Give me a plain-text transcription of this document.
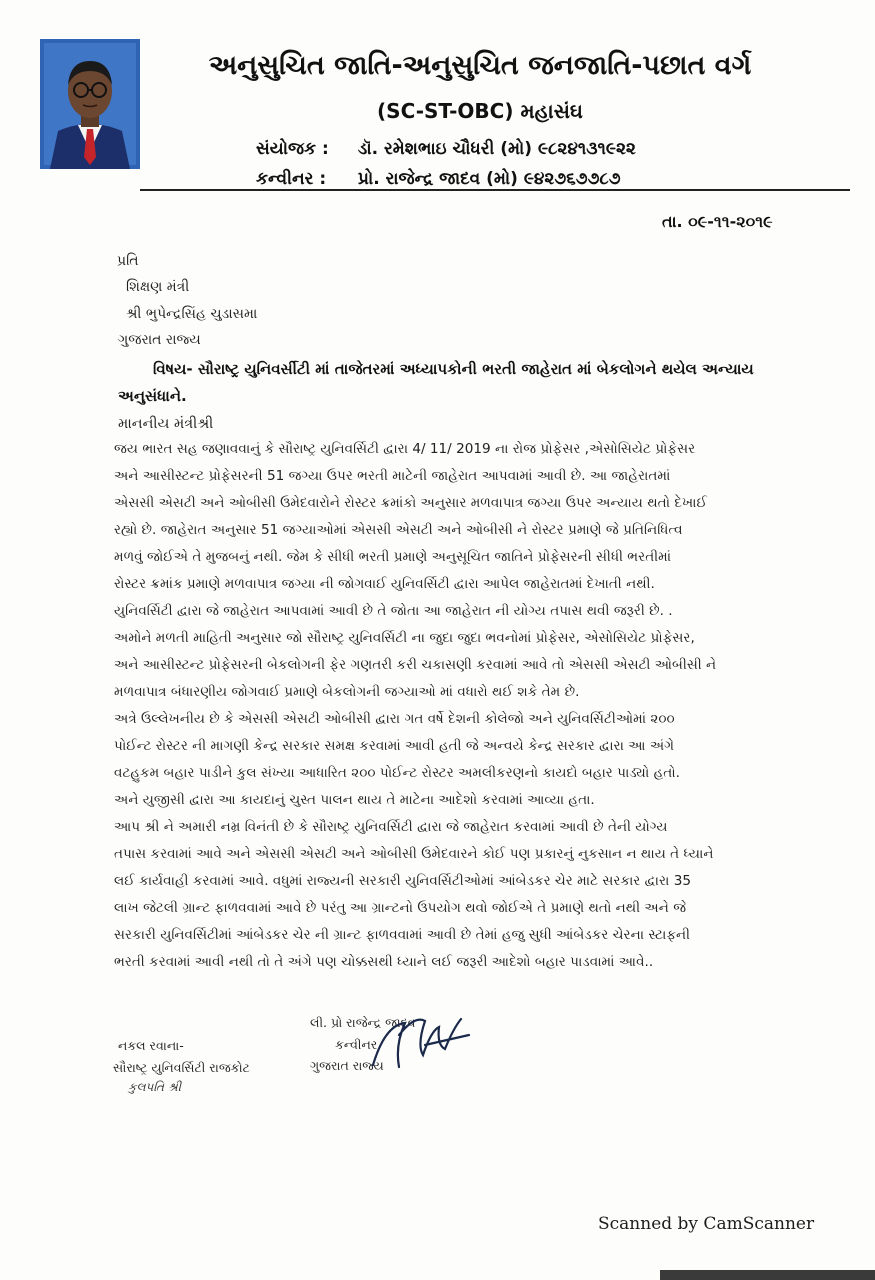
અનુસુચિત જાતિ-અનુસુચિત જનજાતિ-પછાત વર્ગ
(SC-ST-OBC) મહાસંઘ
સંયોજક : ડૉ. રમેશભાઇ ચૌધરી (મો) ૯૮૨૪૧૩૧૯૨૨
કન્વીનર : પ્રો. રાજેન્દ્ર જાદવ (મો) ૯૪૨૭૬૭૭૮૭
તા. ૦૯-૧૧-૨૦૧૯
પ્રતિ
શિક્ષણ મંત્રી
શ્રી ભુપેન્દ્રસિંહ ચુડાસમા
ગુજરાત રાજ્ય
વિષય- સૌરાષ્ટ્ર યુનિવર્સીટી માં તાજેતરમાં અધ્યાપકોની ભરતી જાહેરાત માં બેકલોગને થયેલ અન્યાય
અનુસંધાને.
માનનીય મંત્રીશ્રી
જય ભારત સહ જણાવવાનું કે સૌરાષ્ટ્ર યુનિવર્સિટી દ્વારા 4/ 11/ 2019 ના રોજ પ્રોફેસર ,એસોસિયેટ પ્રોફેસર
અને આસીસ્ટન્ટ પ્રોફેસરની 51 જગ્યા ઉપર ભરતી માટેની જાહેરાત આપવામાં આવી છે. આ જાહેરાતમાં
એસસી એસટી અને ઓબીસી ઉમેદવારોને રોસ્ટર ક્રમાંકો અનુસાર મળવાપાત્ર જગ્યા ઉપર અન્યાય થતો દેખાઈ
રહ્યો છે. જાહેરાત અનુસાર 51 જગ્યાઓમાં એસસી એસટી અને ઓબીસી ને રોસ્ટર પ્રમાણે જે પ્રતિનિધિત્વ
મળવું જોઈએ તે મુજબનું નથી. જેમ કે સીધી ભરતી પ્રમાણે અનુસૂચિત જાતિને પ્રોફેસરની સીધી ભરતીમાં
રોસ્ટર ક્રમાંક પ્રમાણે મળવાપાત્ર જગ્યા ની જોગવાઈ યુનિવર્સિટી દ્વારા આપેલ જાહેરાતમાં દેખાતી નથી.
યુનિવર્સિટી દ્વારા જે જાહેરાત આપવામાં આવી છે તે જોતા આ જાહેરાત ની યોગ્ય તપાસ થવી જરૂરી છે. .
અમોને મળતી માહિતી અનુસાર જો સૌરાષ્ટ્ર યુનિવર્સિટી ના જુદા જુદા ભવનોમાં પ્રોફેસર, એસોસિયેટ પ્રોફેસર,
અને આસીસ્ટન્ટ પ્રોફેસરની બેકલોગની ફેર ગણતરી કરી ચકાસણી કરવામાં આવે તો એસસી એસટી ઓબીસી ને
મળવાપાત્ર બંધારણીય જોગવાઈ પ્રમાણે બેકલોગની જગ્યાઓ માં વધારો થઈ શકે તેમ છે.
અત્રે ઉલ્લેખનીય છે કે એસસી એસટી ઓબીસી દ્વારા ગત વર્ષે દેશની કોલેજો અને યુનિવર્સિટીઓમાં ૨૦૦
પોઈન્ટ રોસ્ટર ની માગણી કેન્દ્ર સરકાર સમક્ષ કરવામાં આવી હતી જે અન્વયે કેન્દ્ર સરકાર દ્વારા આ અંગે
વટહુકમ બહાર પાડીને કુલ સંખ્યા આધારિત ૨૦૦ પોઈન્ટ રોસ્ટર અમલીકરણનો કાયદો બહાર પાડ્યો હતો.
અને યુજીસી દ્વારા આ કાયદાનું ચુસ્ત પાલન થાય તે માટેના આદેશો કરવામાં આવ્યા હતા.
આપ શ્રી ને અમારી નમ્ર વિનંતી છે કે સૌરાષ્ટ્ર યુનિવર્સિટી દ્વારા જે જાહેરાત કરવામાં આવી છે તેની યોગ્ય
તપાસ કરવામાં આવે અને એસસી એસટી અને ઓબીસી ઉમેદવારને કોઈ પણ પ્રકારનું નુકસાન ન થાય તે ધ્યાને
લઈ કાર્યવાહી કરવામાં આવે. વધુમાં રાજ્યની સરકારી યુનિવર્સિટીઓમાં આંબેડકર ચેર માટે સરકાર દ્વારા 35
લાખ જેટલી ગ્રાન્ટ ફાળવવામાં આવે છે પરંતુ આ ગ્રાન્ટનો ઉપયોગ થવો જોઈએ તે પ્રમાણે થતો નથી અને જે
સરકારી યુનિવર્સિટીમાં આંબેડકર ચેર ની ગ્રાન્ટ ફાળવવામાં આવી છે તેમાં હજુ સુધી આંબેડકર ચેરના સ્ટાફની
ભરતી કરવામાં આવી નથી તો તે અંગે પણ ચોક્કસથી ધ્યાને લઈ જરૂરી આદેશો બહાર પાડવામાં આવે..
લી. પ્રો રાજેન્દ્ર જાદવ
કન્વીનર
ગુજરાત રાજ્ય
નકલ રવાના-
સૌરાષ્ટ્ર યુનિવર્સિટી રાજકોટ
કુલપતિ શ્રી
Scanned by CamScanner
